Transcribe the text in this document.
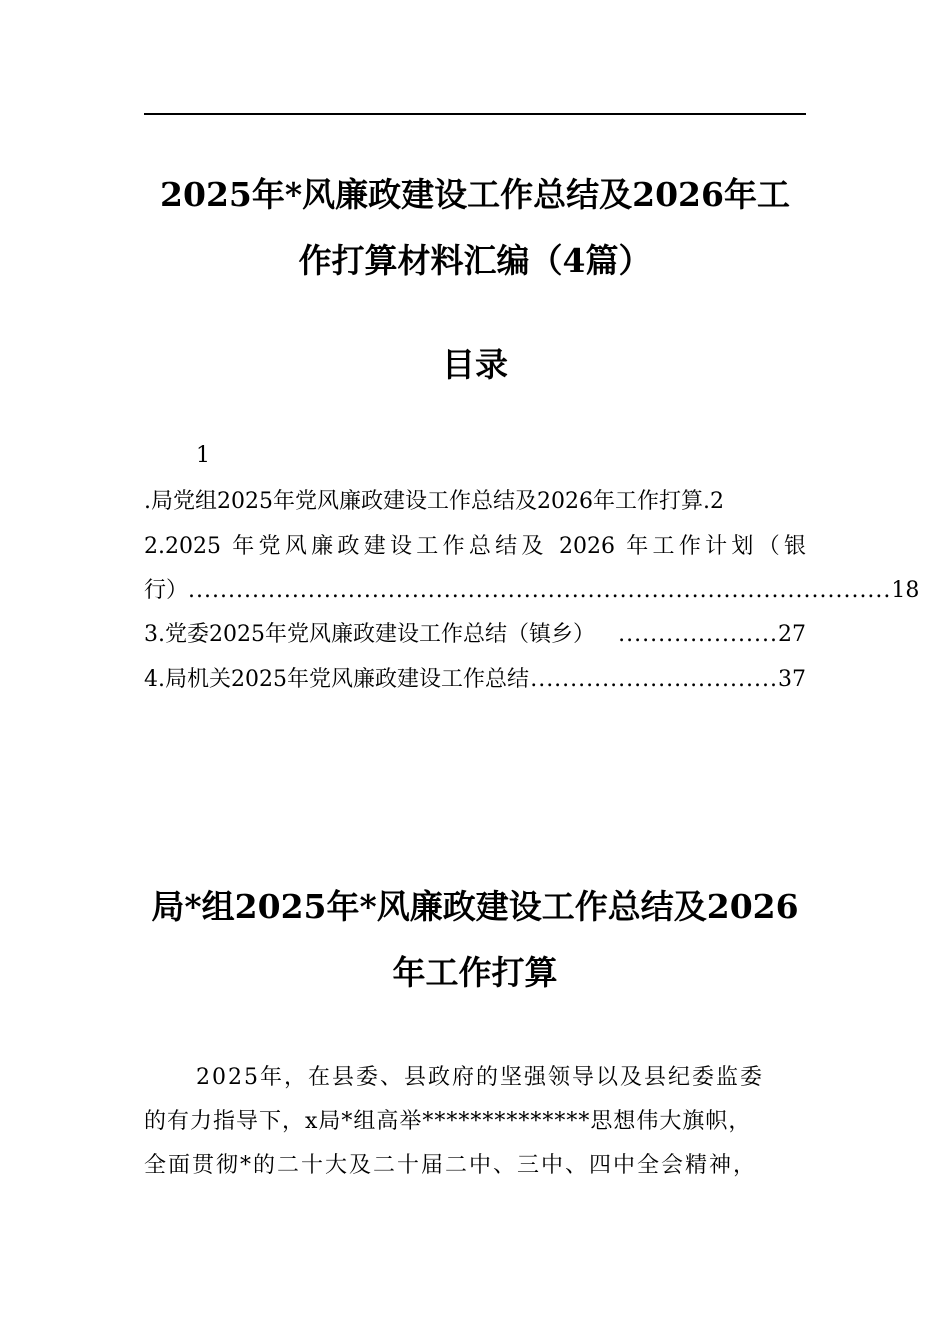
2025年*风廉政建设工作总结及2026年工
作打算材料汇编（4篇）
目录
1
.局党组2025年党风廉政建设工作总结及2026年工作打算.2
2.2025 年党风廉政建设工作总结及 2026 年工作计划（银
行） ........................................................................................ 18
3.党委2025年党风廉政建设工作总结（镇乡）	.................... 27
4.局机关2025年党风廉政建设工作总结 ............................... 37
局*组2025年*风廉政建设工作总结及2026
年工作打算
2025年，在县委、县政府的坚强领导以及县纪委监委
的有力指导下，x局*组高举**************思想伟大旗帜，
全面贯彻*的二十大及二十届二中、三中、四中全会精神，
